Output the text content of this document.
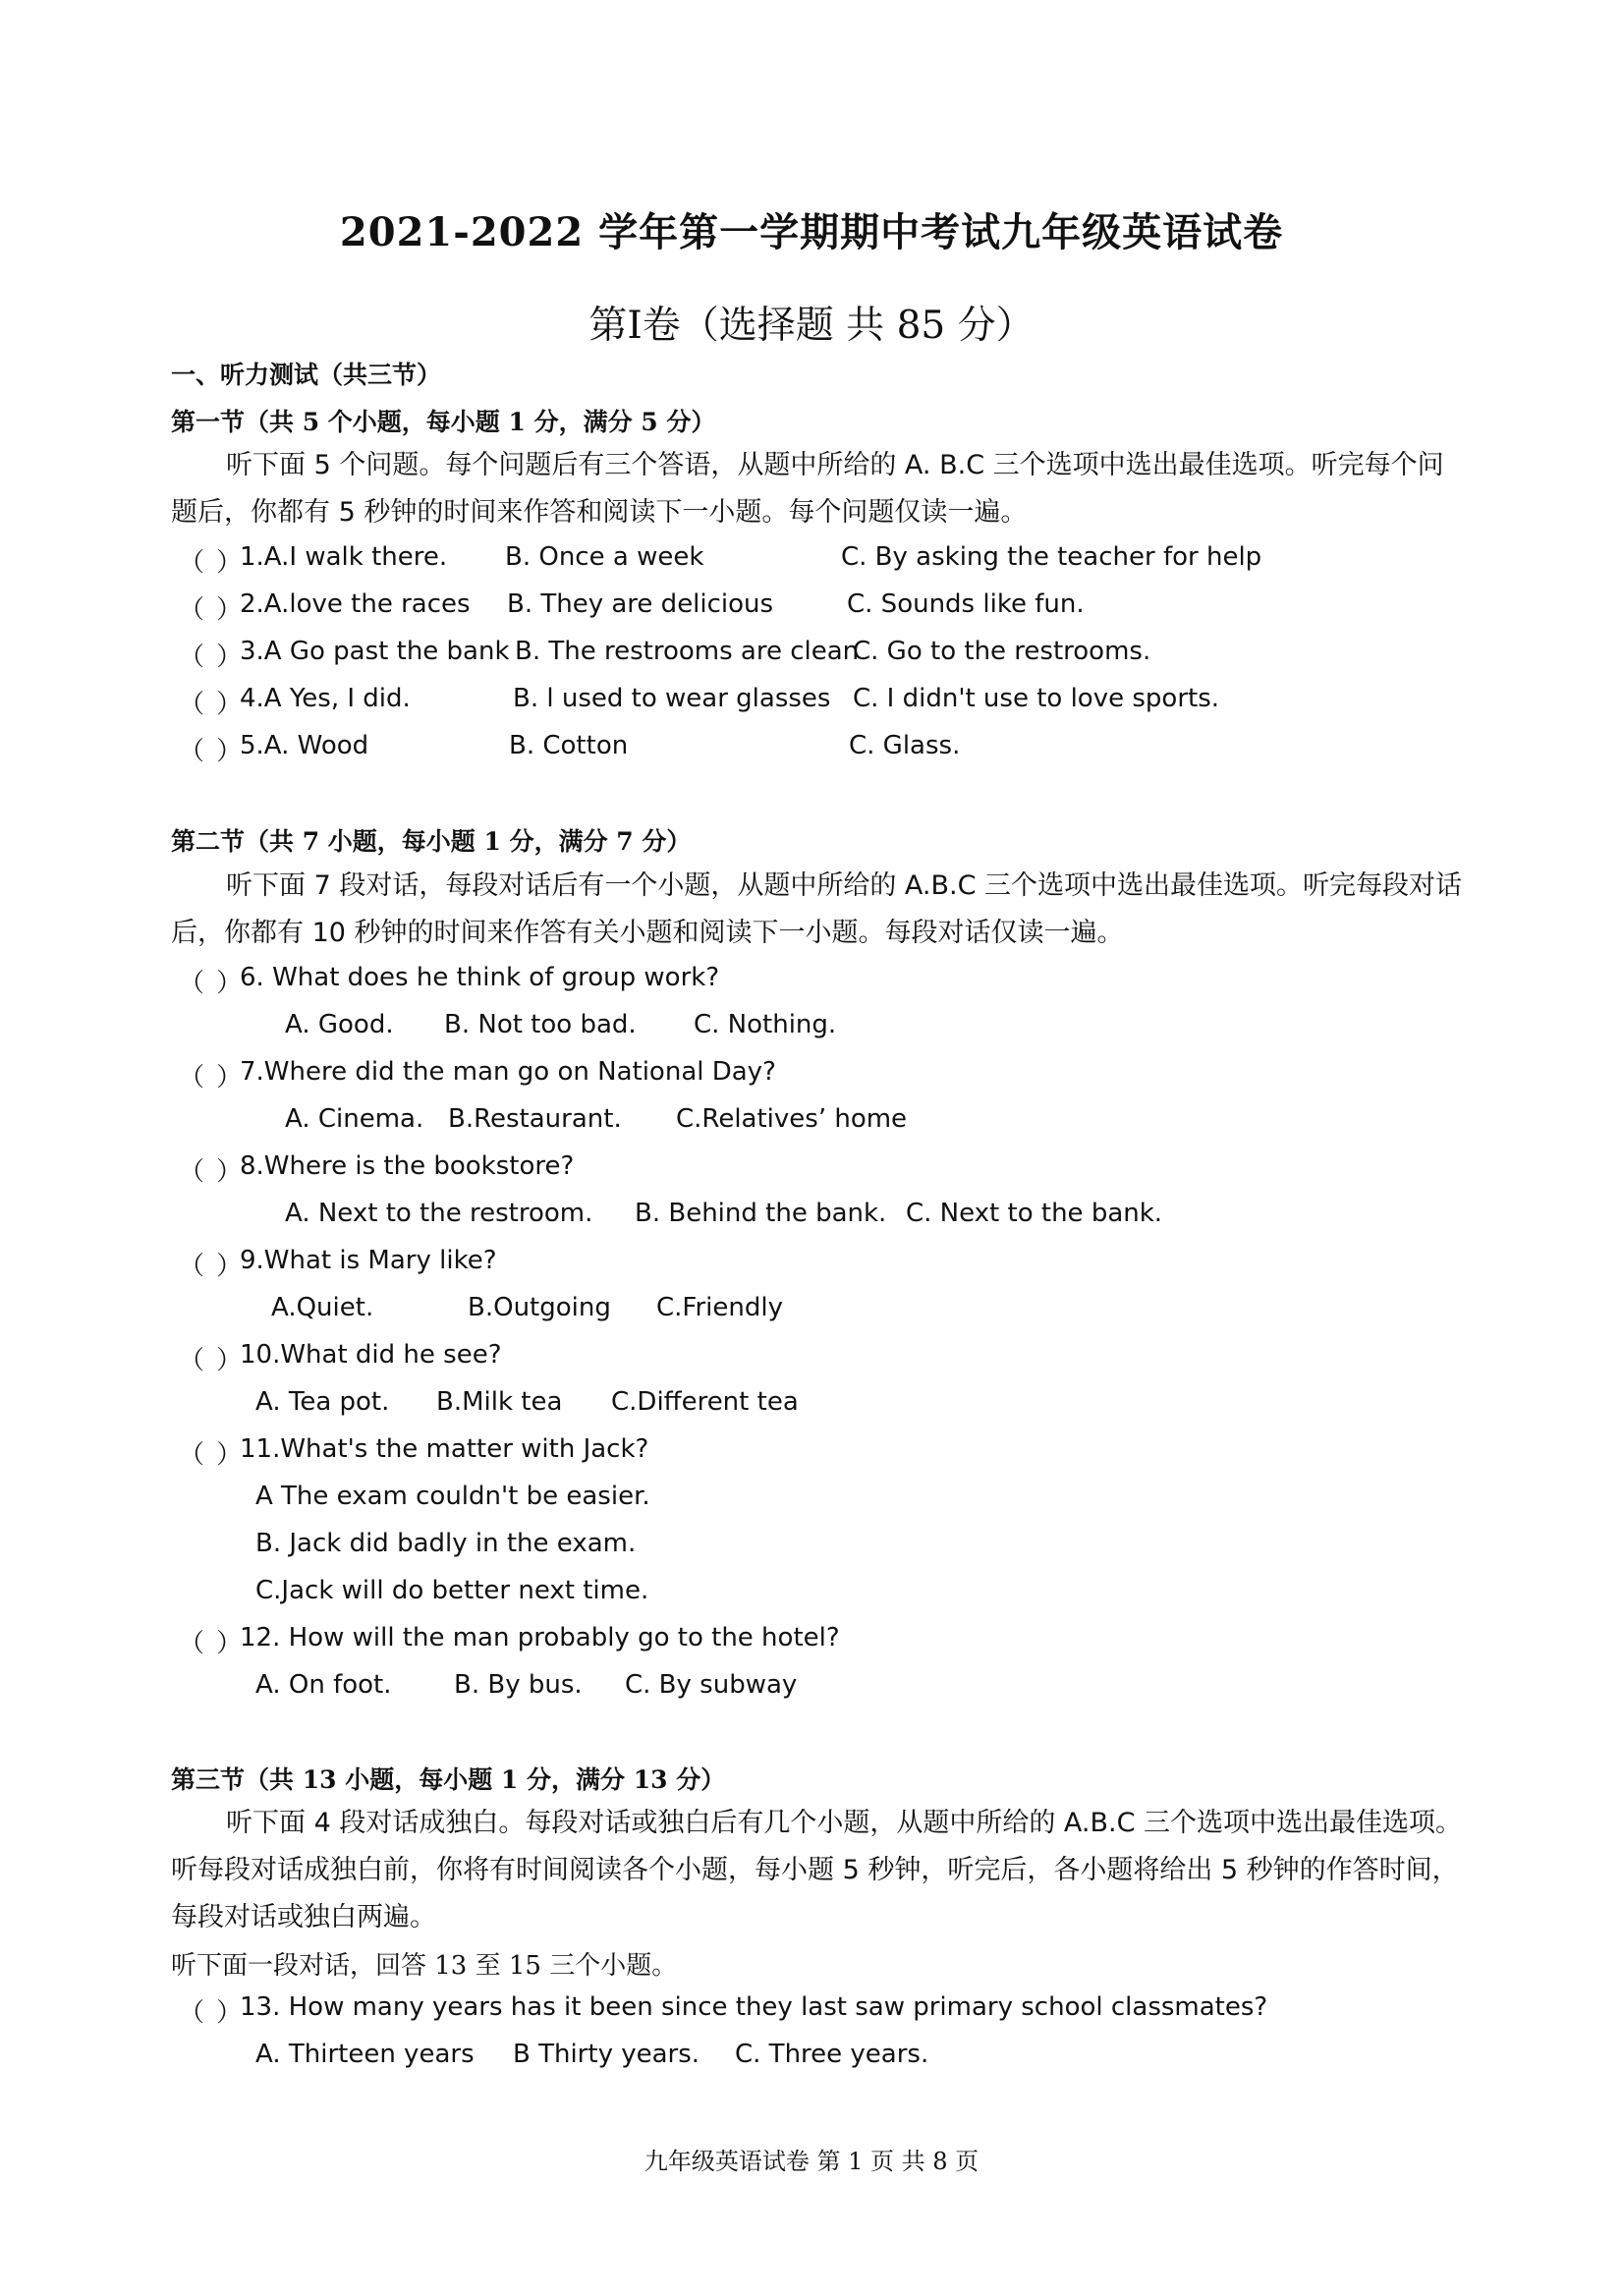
2021-2022 学年第一学期期中考试九年级英语试卷
第Ⅰ卷（选择题 共 85 分）
一、听力测试（共三节）
第一节（共 5 个小题，每小题 1 分，满分 5 分）
听下面 5 个问题。每个问题后有三个答语，从题中所给的 A. B.C 三个选项中选出最佳选项。听完每个问题后，你都有 5 秒钟的时间来作答和阅读下一小题。每个问题仅读一遍。
（ ）
1.A.I walk there. B. Once a week	C. By asking the teacher for help
（ ）
2.A.love the races B. They are delicious	C. Sounds like fun.
（ ）
3.A Go past the bank B. The restrooms are clean
C. Go to the restrooms.
（ ）
4.A Yes, I did.	B. l used to wear glasses C. I didn't use to love sports.
（ ）
5.A. Wood	B. Cotton	C. Glass.
第二节（共 7 小题，每小题 1 分，满分 7 分）
听下面 7 段对话，每段对话后有一个小题，从题中所给的 A.B.C 三个选项中选出最佳选项。听完每段对话后，你都有 10 秒钟的时间来作答有关小题和阅读下一小题。每段对话仅读一遍。
（ ）
6. What does he think of group work?
A. Good. B. Not too bad. C. Nothing.
（ ）
7.Where did the man go on National Day?
A. Cinema. B.Restaurant. C.Relatives’ home
（ ）
8.Where is the bookstore?
A. Next to the restroom. B. Behind the bank. C. Next to the bank.
（ ）
9.What is Mary like?
A.Quiet.	B.Outgoing C.Friendly
（ ）
10.What did he see?
A. Tea pot. B.Milk tea C.Different tea
（ ）
11.What's the matter with Jack?
A The exam couldn't be easier.
B. Jack did badly in the exam.
C.Jack will do better next time.
（ ）
12. How will the man probably go to the hotel?
A. On foot. B. By bus. C. By subway
第三节（共 13 小题，每小题 1 分，满分 13 分）
听下面 4 段对话成独白。每段对话或独白后有几个小题，从题中所给的 A.B.C 三个选项中选出最佳选项。听每段对话成独白前，你将有时间阅读各个小题，每小题 5 秒钟，听完后，各小题将给出 5 秒钟的作答时间，每段对话或独白两遍。
听下面一段对话，回答 13 至 15 三个小题。
（ ）
13. How many years has it been since they last saw primary school classmates?
A. Thirteen years B Thirty years. C. Three years.
九年级英语试卷 第 1 页 共 8 页
